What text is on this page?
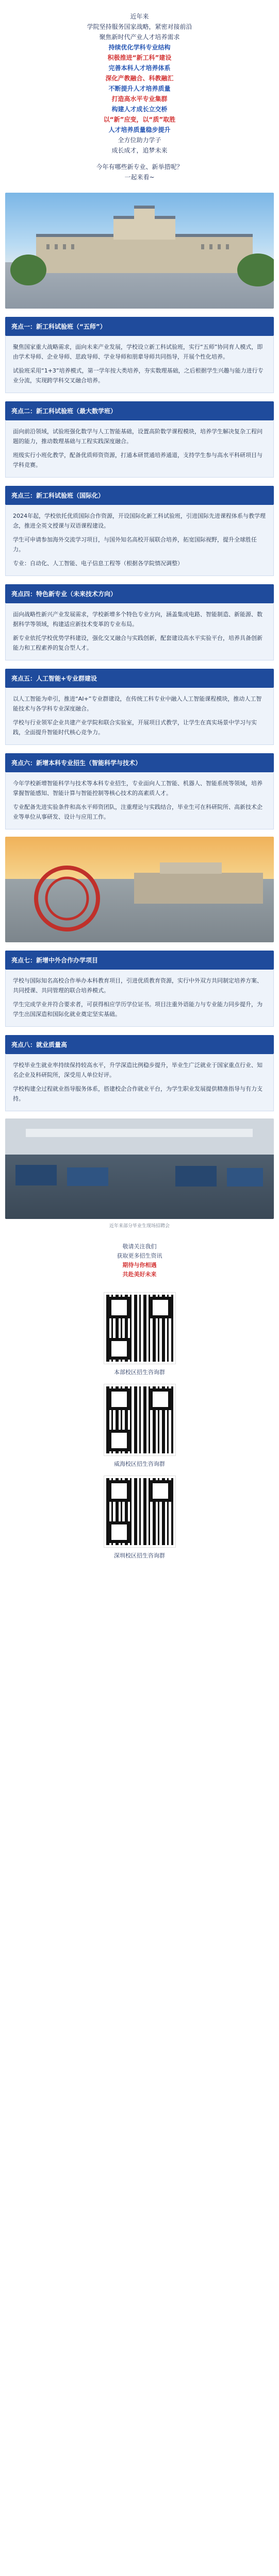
近年来

学院坚持服务国家战略，紧密对接前沿

聚焦新时代产业人才培养需求

持续优化学科专业结构

积极推进“新工科”建设

完善本科人才培养体系

深化产教融合、科教融汇

不断提升人才培养质量

打造高水平专业集群

构建人才成长立交桥

以“新”应变，以“质”取胜

人才培养质量稳步提升

全方位助力学子

成长成才，追梦未来

今年有哪些新专业、新举措呢？

一起来看~

亮点一：新工科试验班（“五师”）

聚焦国家重大战略需求，面向未来产业发展，学校设立新工科试验班，实行“五师”协同育人模式，即由学术导师、企业导师、思政导师、学业导师和朋辈导师共同指导，开展个性化培养。

试验班采用“1+3”培养模式，第一学年按大类培养，夯实数理基础，之后根据学生兴趣与能力进行专业分流，实现跨学科交叉融合培养。

亮点二：新工科试验班（最大数学班）

面向前沿领域，试验班强化数学与人工智能基础，设置高阶数学课程模块，培养学生解决复杂工程问题的能力，推动数理基础与工程实践深度融合。

班级实行小班化教学，配备优质师资资源，打通本研贯通培养通道，支持学生参与高水平科研项目与学科竞赛。

亮点三：新工科试验班（国际化）

2024年起，学校依托优质国际合作资源，开设国际化新工科试验班，引进国际先进课程体系与教学理念，推进全英文授课与双语课程建设。

学生可申请参加海外交流学习项目，与国外知名高校开展联合培养，拓宽国际视野，提升全球胜任力。

专业：自动化、人工智能、电子信息工程等（根据各学院情况调整）

亮点四：特色新专业（未来技术方向）

面向战略性新兴产业发展需求，学校新增多个特色专业方向，涵盖集成电路、智能制造、新能源、数据科学等领域，构建适应新技术变革的专业布局。

新专业依托学校优势学科建设，强化交叉融合与实践创新，配套建设高水平实验平台，培养具备创新能力和工程素养的复合型人才。

亮点五：人工智能+专业群建设

以人工智能为牵引，推进“AI+”专业群建设，在传统工科专业中融入人工智能课程模块，推动人工智能技术与各学科专业深度融合。

学校与行业领军企业共建产业学院和联合实验室，开展项目式教学，让学生在真实场景中学习与实践，全面提升智能时代核心竞争力。

亮点六：新增本科专业招生（智能科学与技术）

今年学校新增智能科学与技术等本科专业招生，专业面向人工智能、机器人、智能系统等领域，培养掌握智能感知、智能计算与智能控制等核心技术的高素质人才。

专业配备先进实验条件和高水平师资团队，注重理论与实践结合，毕业生可在科研院所、高新技术企业等单位从事研发、设计与应用工作。

亮点七：新增中外合作办学项目

学校与国际知名高校合作举办本科教育项目，引进优质教育资源，实行中外双方共同制定培养方案、共同授课、共同管理的联合培养模式。

学生完成学业并符合要求者，可获得相应学历学位证书。项目注重外语能力与专业能力同步提升，为学生出国深造和国际化就业奠定坚实基础。

亮点八：就业质量高

学校毕业生就业率持续保持较高水平，升学深造比例稳步提升，毕业生广泛就业于国家重点行业、知名企业及科研院所，深受用人单位好评。

学校构建全过程就业指导服务体系，搭建校企合作就业平台，为学生职业发展提供精准指导与有力支持。

近年来部分毕业生现场招聘会

敬请关注我们

获取更多招生资讯

期待与你相遇

共赴美好未来

本部校区招生咨询群
威海校区招生咨询群
深圳校区招生咨询群
